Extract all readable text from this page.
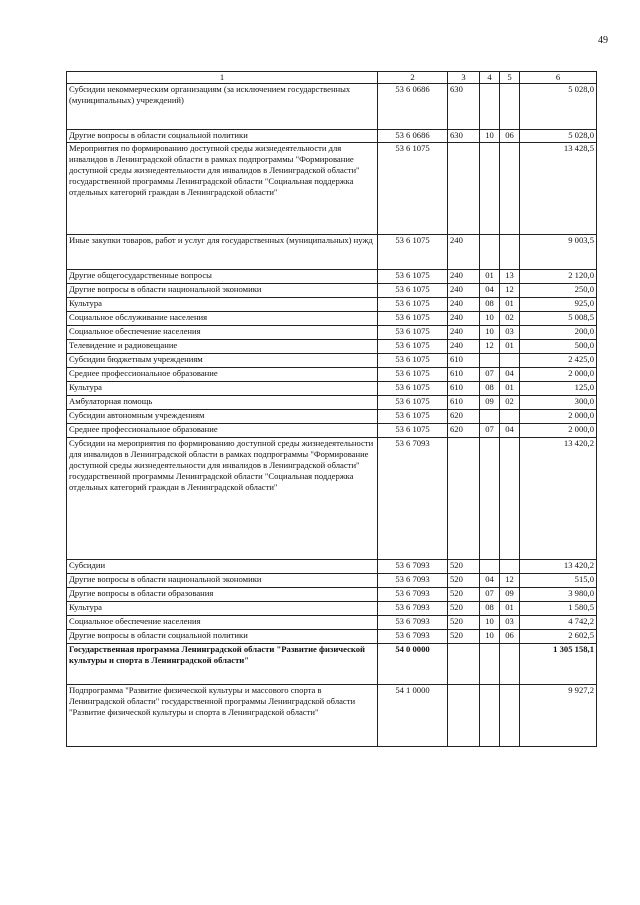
49
1	2	3	4	5	6
Субсидии некоммерческим организациям (за исключением государственных (муниципальных) учреждений)	53 6 0686	630			5 028,0
Другие вопросы в области социальной политики	53 6 0686	630	10	06	5 028,0
Мероприятия по формированию доступной среды жизнедеятельности для инвалидов в Ленинградской области в рамках подпрограммы "Формирование доступной среды жизнедеятельности для инвалидов в Ленинградской области" государственной программы Ленинградской области "Социальная поддержка отдельных категорий граждан в Ленинградской области"	53 6 1075				13 428,5
Иные закупки товаров, работ и услуг для государственных (муниципальных) нужд	53 6 1075	240			9 003,5
Другие общегосударственные вопросы	53 6 1075	240	01	13	2 120,0
Другие вопросы в области национальной экономики	53 6 1075	240	04	12	250,0
Культура	53 6 1075	240	08	01	925,0
Социальное обслуживание населения	53 6 1075	240	10	02	5 008,5
Социальное обеспечение населения	53 6 1075	240	10	03	200,0
Телевидение и радиовещание	53 6 1075	240	12	01	500,0
Субсидии бюджетным учреждениям	53 6 1075	610			2 425,0
Среднее профессиональное образование	53 6 1075	610	07	04	2 000,0
Культура	53 6 1075	610	08	01	125,0
Амбулаторная помощь	53 6 1075	610	09	02	300,0
Субсидии автономным учреждениям	53 6 1075	620			2 000,0
Среднее профессиональное образование	53 6 1075	620	07	04	2 000,0
Субсидии на мероприятия по формированию доступной среды жизнедеятельности для инвалидов в Ленинградской области в рамках подпрограммы "Формирование доступной среды жизнедеятельности для инвалидов в Ленинградской области" государственной программы Ленинградской области "Социальная поддержка отдельных категорий граждан в Ленинградской области"	53 6 7093				13 420,2
Субсидии	53 6 7093	520			13 420,2
Другие вопросы в области национальной экономики	53 6 7093	520	04	12	515,0
Другие вопросы в области образования	53 6 7093	520	07	09	3 980,0
Культура	53 6 7093	520	08	01	1 580,5
Социальное обеспечение населения	53 6 7093	520	10	03	4 742,2
Другие вопросы в области социальной политики	53 6 7093	520	10	06	2 602,5
Государственная программа Ленинградской области "Развитие физической культуры и спорта в Ленинградской области"	54 0 0000				1 305 158,1
Подпрограмма "Развитие физической культуры и массового спорта в Ленинградской области" государственной программы Ленинградской области "Развитие физической культуры и спорта в Ленинградской области"	54 1 0000				9 927,2
